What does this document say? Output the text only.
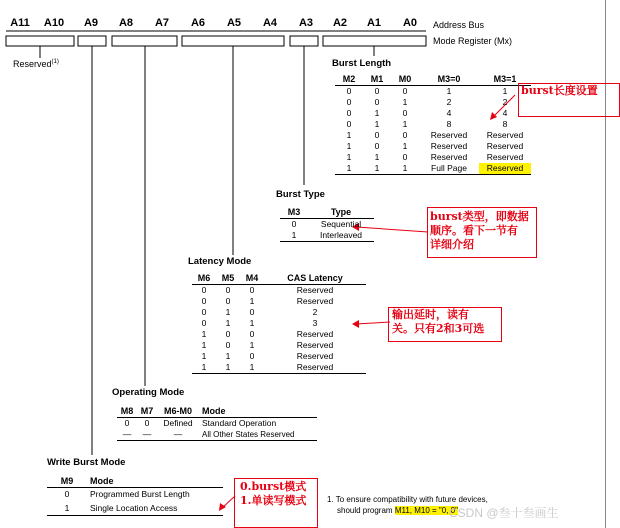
A11 A10	A9	A8	A7	A6	A5	A4	A3	A2	A1	A0	Address Bus
Mode Register (Mx)
Reserved$^{(1)}$	Burst Length
M2	M1	M0	M3=0	M3=1
0	0	0	1	1
0	0	1	2	2
0	1	0	4	4
0	1	1	8	8
1	0	0	Reserved	Reserved
1	0	1	Reserved	Reserved
1	1	0	Reserved	Reserved
1	1	1	Full Page	Reserved
burst长度设置
Burst Type
M3	Type
0	Sequential
1	Interleaved
burst类型，即数据
顺序。看下一节有
详细介绍
Latency Mode
M6	M5	M4	CAS Latency
0	0	0	Reserved
0	0	1	Reserved
0	1	0	2
0	1	1	3
1	0	0	Reserved
1	0	1	Reserved
1	1	0	Reserved
1	1	1	Reserved
输出延时，读有
关。只有2和3可选
Operating Mode
M8	M7	M6-M0	Mode
0	0	Defined	Standard Operation
—	—	—	All Other States Reserved
Write Burst Mode
M9	Mode
0	Programmed Burst Length
1	Single Location Access
0.burst模式
1.单读写模式	1. To ensure compatibility with future devices,
should program M11, M10 = "0, 0"
CSDN @叁十叁画生
